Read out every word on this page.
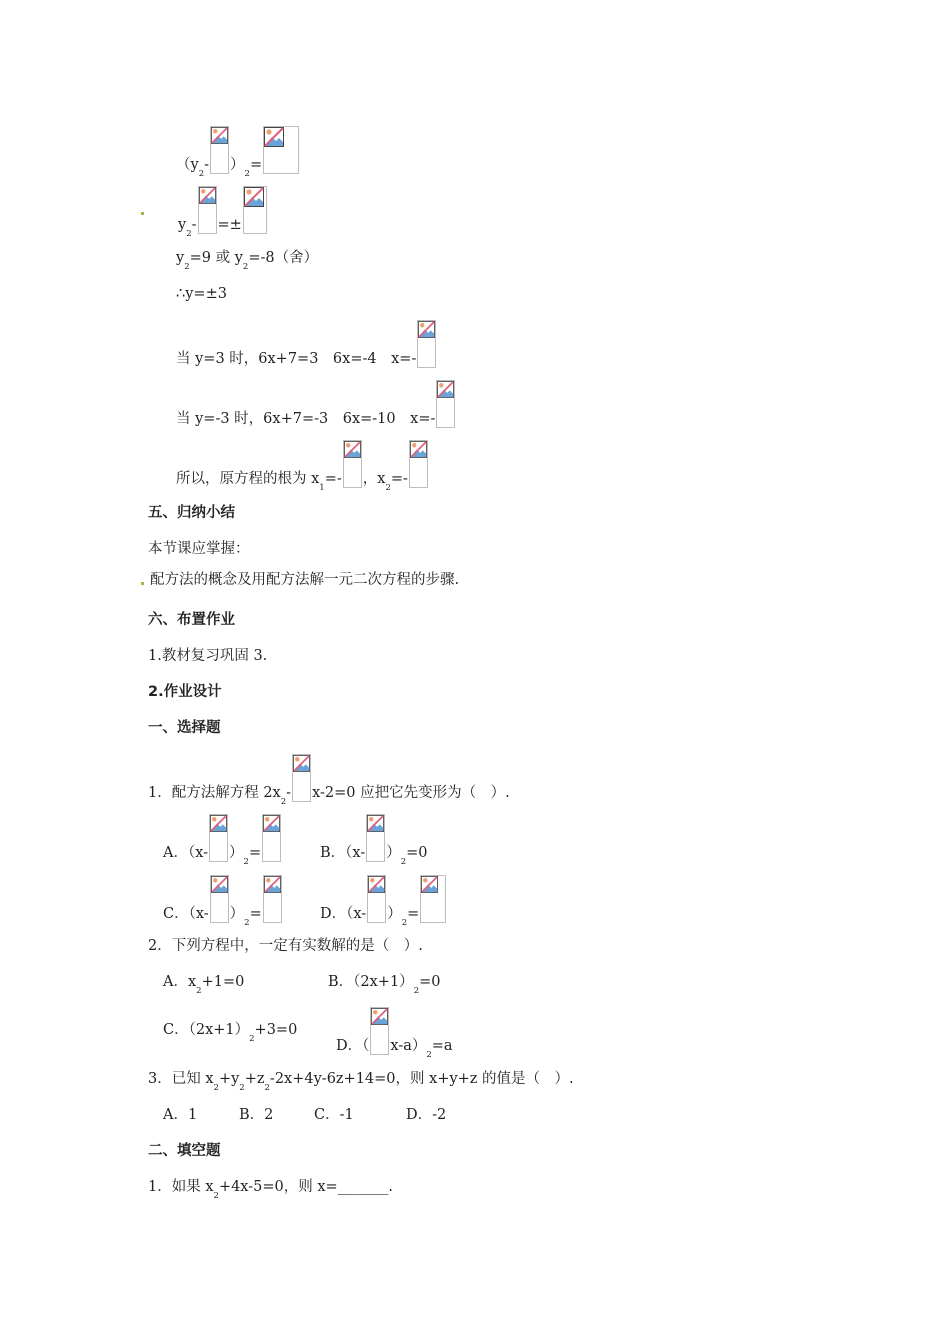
（y
2
- ）
2
=
y
2
- =±
y
2
=9 或 y
2
=-8（舍）
∴y=±3
当 y=3 时，6x+7=3　6x=-4　x=-
当 y=-3 时，6x+7=-3　6x=-10　x=-
所以，原方程的根为 x
1
=- ，x
2
=-
五、归纳小结
本节课应掌握：
配方法的概念及用配方法解一元二次方程的步骤.
六、布置作业
1.教材复习巩固 3.
2.作业设计
一、选择题
1．配方法解方程 2x
2
- x-2=0 应把它先变形为（　）.
A．（x- ）
2
=	B．（x- ）
2
=0
C．（x- ）
2
=	D．（x- ）
2
=
2．下列方程中，一定有实数解的是（　）.
A．x
2
+1=0	B．（2x+1）
2
=0
C．（2x+1）
2
+3=0
D．（ x-a）
2
=a
3．已知 x
2
+y
2
+z
2
-2x+4y-6z+14=0，则 x+y+z 的值是（　）.
A．1	B．2	C．-1	D．-2
二、填空题
1．如果 x
2
+4x-5=0，则 x=_______.
